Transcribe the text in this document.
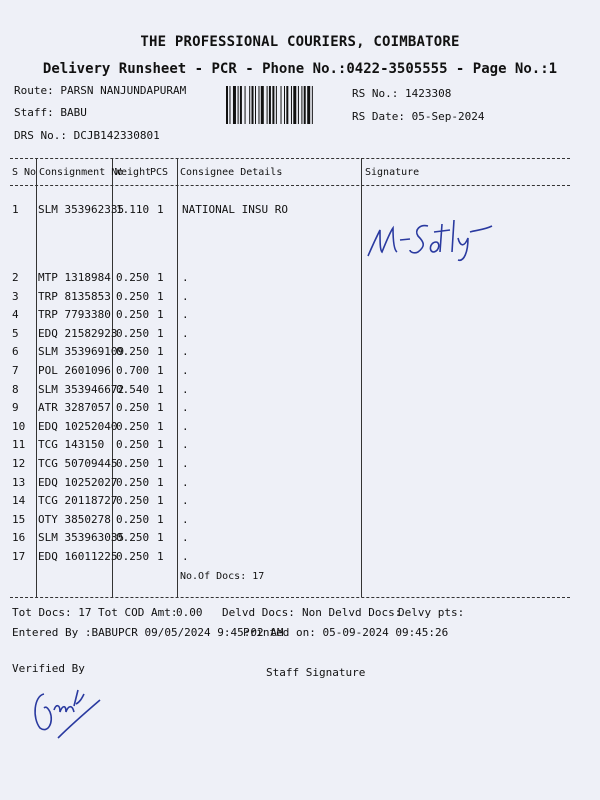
THE PROFESSIONAL COURIERS, COIMBATORE
Delivery Runsheet - PCR - Phone No.:0422-3505555 - Page No.:1
Route: PARSN NANJUNDAPURAM
Staff: BABU
DRS No.: DCJB142330801
RS No.: 1423308
RS Date: 05-Sep-2024
S No Consignment No
Weight
PCS Consignee Details	Signature
1 SLM 353962335
1.110 1 NATIONAL INSU RO
2 MTP 1318984 0.250 1 .
3 TRP 8135853 0.250 1 .
4 TRP 7793380 0.250 1 .
5 EDQ 21582923
0.250 1 .
6 SLM 353969109
0.250 1 .
7 POL 2601096 0.700 1 .
8 SLM 353946672
0.540 1 .
9 ATR 3287057 0.250 1 .
10 EDQ 10252040
0.250 1 .
11 TCG 143150 0.250 1 .
12 TCG 50709445
0.250 1 .
13 EDQ 10252027
0.250 1 .
14 TCG 20118727
0.250 1 .
15 OTY 3850278 0.250 1 .
16 SLM 353963035
0.250 1 .
17 EDQ 16011225
0.250 1 .
No.Of Docs: 17
Tot Docs: 17 Tot COD Amt:
0.00 Delvd Docs: Non Delvd Docs:
Delvy pts:
Entered By :BABUPCR 09/05/2024 9:45:02 AM
Printed on: 05-09-2024 09:45:26
Verified By	Staff Signature
